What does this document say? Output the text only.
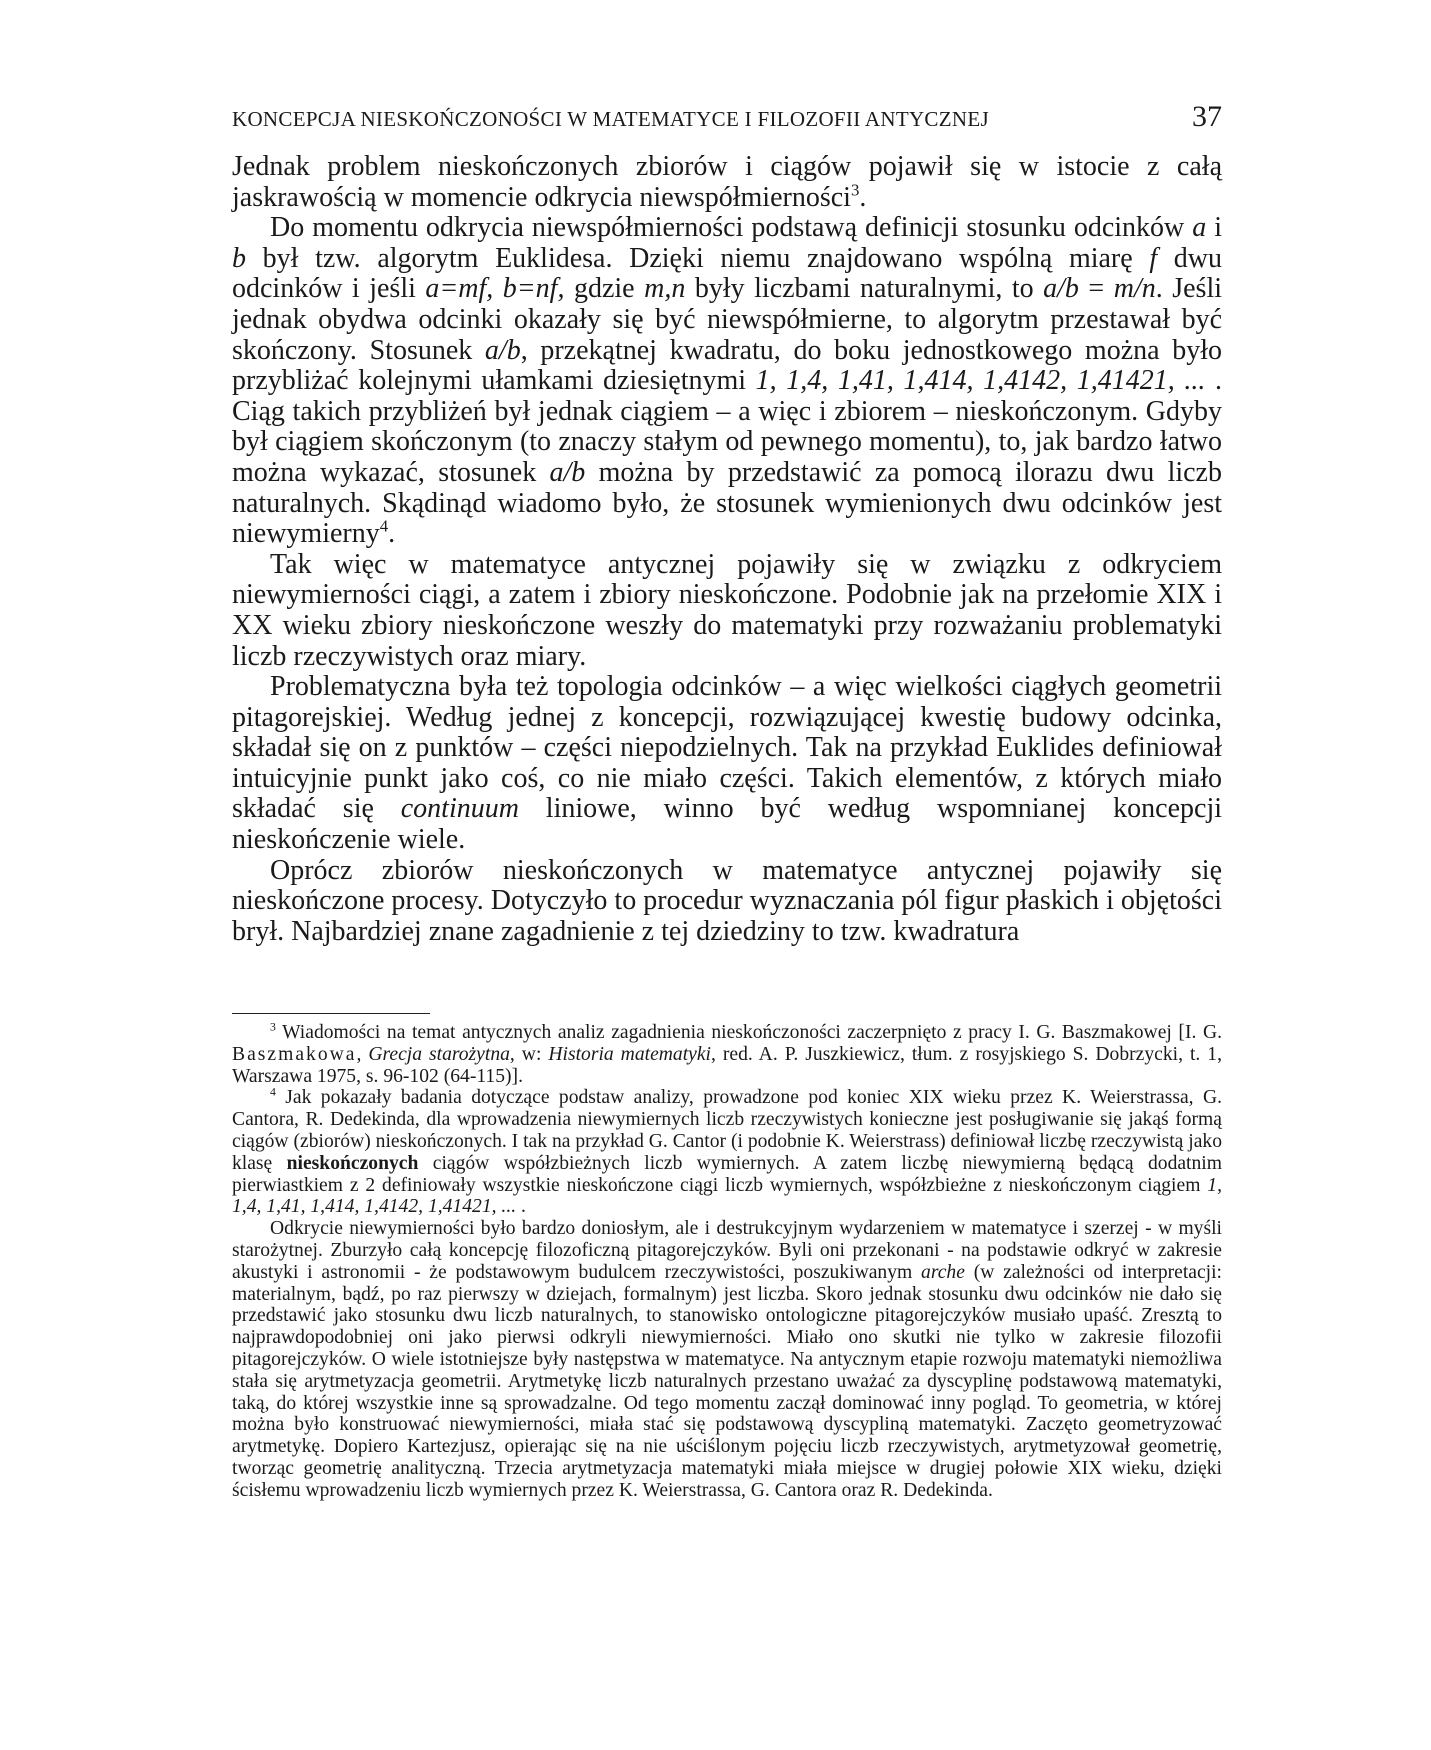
KONCEPCJA NIESKOŃCZONOŚCI W MATEMATYCE I FILOZOFII ANTYCZNEJ	37

Jednak problem nieskończonych zbiorów i ciągów pojawił się w istocie z całą jaskrawością w momencie odkrycia niewspółmierności$^3$.

Do momentu odkrycia niewspółmierności podstawą definicji stosunku odcinków a i b był tzw. algorytm Euklidesa. Dzięki niemu znajdowano wspólną miarę f dwu odcinków i jeśli a=mf, b=nf, gdzie m,n były liczbami naturalnymi, to a/b = m/n. Jeśli jednak obydwa odcinki okazały się być niewspółmierne, to algorytm przestawał być skończony. Stosunek a/b, przekątnej kwadratu, do boku jednostkowego można było przybliżać kolejnymi ułamkami dziesiętnymi 1, 1,4, 1,41, 1,414, 1,4142, 1,41421, ... . Ciąg takich przybliżeń był jednak ciągiem – a więc i zbiorem – nieskończonym. Gdyby był ciągiem skończonym (to znaczy stałym od pewnego momentu), to, jak bardzo łatwo można wykazać, stosunek a/b można by przedstawić za pomocą ilorazu dwu liczb naturalnych. Skądinąd wiadomo było, że stosunek wymienionych dwu odcinków jest niewymierny$^4$.

Tak więc w matematyce antycznej pojawiły się w związku z odkryciem niewymierności ciągi, a zatem i zbiory nieskończone. Podobnie jak na przełomie XIX i XX wieku zbiory nieskończone weszły do matematyki przy rozważaniu problematyki liczb rzeczywistych oraz miary.

Problematyczna była też topologia odcinków – a więc wielkości ciągłych geometrii pitagorejskiej. Według jednej z koncepcji, rozwiązującej kwestię budowy odcinka, składał się on z punktów – części niepodzielnych. Tak na przykład Euklides definiował intuicyjnie punkt jako coś, co nie miało części. Takich elementów, z których miało składać się continuum liniowe, winno być według wspomnianej koncepcji nieskończenie wiele.

Oprócz zbiorów nieskończonych w matematyce antycznej pojawiły się nieskończone procesy. Dotyczyło to procedur wyznaczania pól figur płaskich i objętości brył. Najbardziej znane zagadnienie z tej dziedziny to tzw. kwadratura

$^3$ Wiadomości na temat antycznych analiz zagadnienia nieskończoności zaczerpnięto z pracy I. G. Baszmakowej [I. G. Baszmakowa, Grecja starożytna, w: Historia matematyki, red. A. P. Juszkiewicz, tłum. z rosyjskiego S. Dobrzycki, t. 1, Warszawa 1975, s. 96-102 (64-115)].

$^4$ Jak pokazały badania dotyczące podstaw analizy, prowadzone pod koniec XIX wieku przez K. Weierstrassa, G. Cantora, R. Dedekinda, dla wprowadzenia niewymiernych liczb rzeczywistych konieczne jest posługiwanie się jakąś formą ciągów (zbiorów) nieskończonych. I tak na przykład G. Cantor (i podobnie K. Weierstrass) definiował liczbę rzeczywistą jako klasę nieskończonych ciągów współzbieżnych liczb wymiernych. A zatem liczbę niewymierną będącą dodatnim pierwiastkiem z 2 definiowały wszystkie nieskończone ciągi liczb wymiernych, współzbieżne z nieskończonym ciągiem 1, 1,4, 1,41, 1,414, 1,4142, 1,41421, ... .

Odkrycie niewymierności było bardzo doniosłym, ale i destrukcyjnym wydarzeniem w matematyce i szerzej - w myśli starożytnej. Zburzyło całą koncepcję filozoficzną pitagorejczyków. Byli oni przekonani - na podstawie odkryć w zakresie akustyki i astronomii - że podstawowym budulcem rzeczywistości, poszukiwanym arche (w zależności od interpretacji: materialnym, bądź, po raz pierwszy w dziejach, formalnym) jest liczba. Skoro jednak stosunku dwu odcinków nie dało się przedstawić jako stosunku dwu liczb naturalnych, to stanowisko ontologiczne pitagorejczyków musiało upaść. Zresztą to najprawdopodobniej oni jako pierwsi odkryli niewymierności. Miało ono skutki nie tylko w zakresie filozofii pitagorejczyków. O wiele istotniejsze były następstwa w matematyce. Na antycznym etapie rozwoju matematyki niemożliwa stała się arytmetyzacja geometrii. Arytmetykę liczb naturalnych przestano uważać za dyscyplinę podstawową matematyki, taką, do której wszystkie inne są sprowadzalne. Od tego momentu zaczął dominować inny pogląd. To geometria, w której można było konstruować niewymierności, miała stać się podstawową dyscypliną matematyki. Zaczęto geometryzować arytmetykę. Dopiero Kartezjusz, opierając się na nie uściślonym pojęciu liczb rzeczywistych, arytmetyzował geometrię, tworząc geometrię analityczną. Trzecia arytmetyzacja matematyki miała miejsce w drugiej połowie XIX wieku, dzięki ścisłemu wprowadzeniu liczb wymiernych przez K. Weierstrassa, G. Cantora oraz R. Dedekinda.
